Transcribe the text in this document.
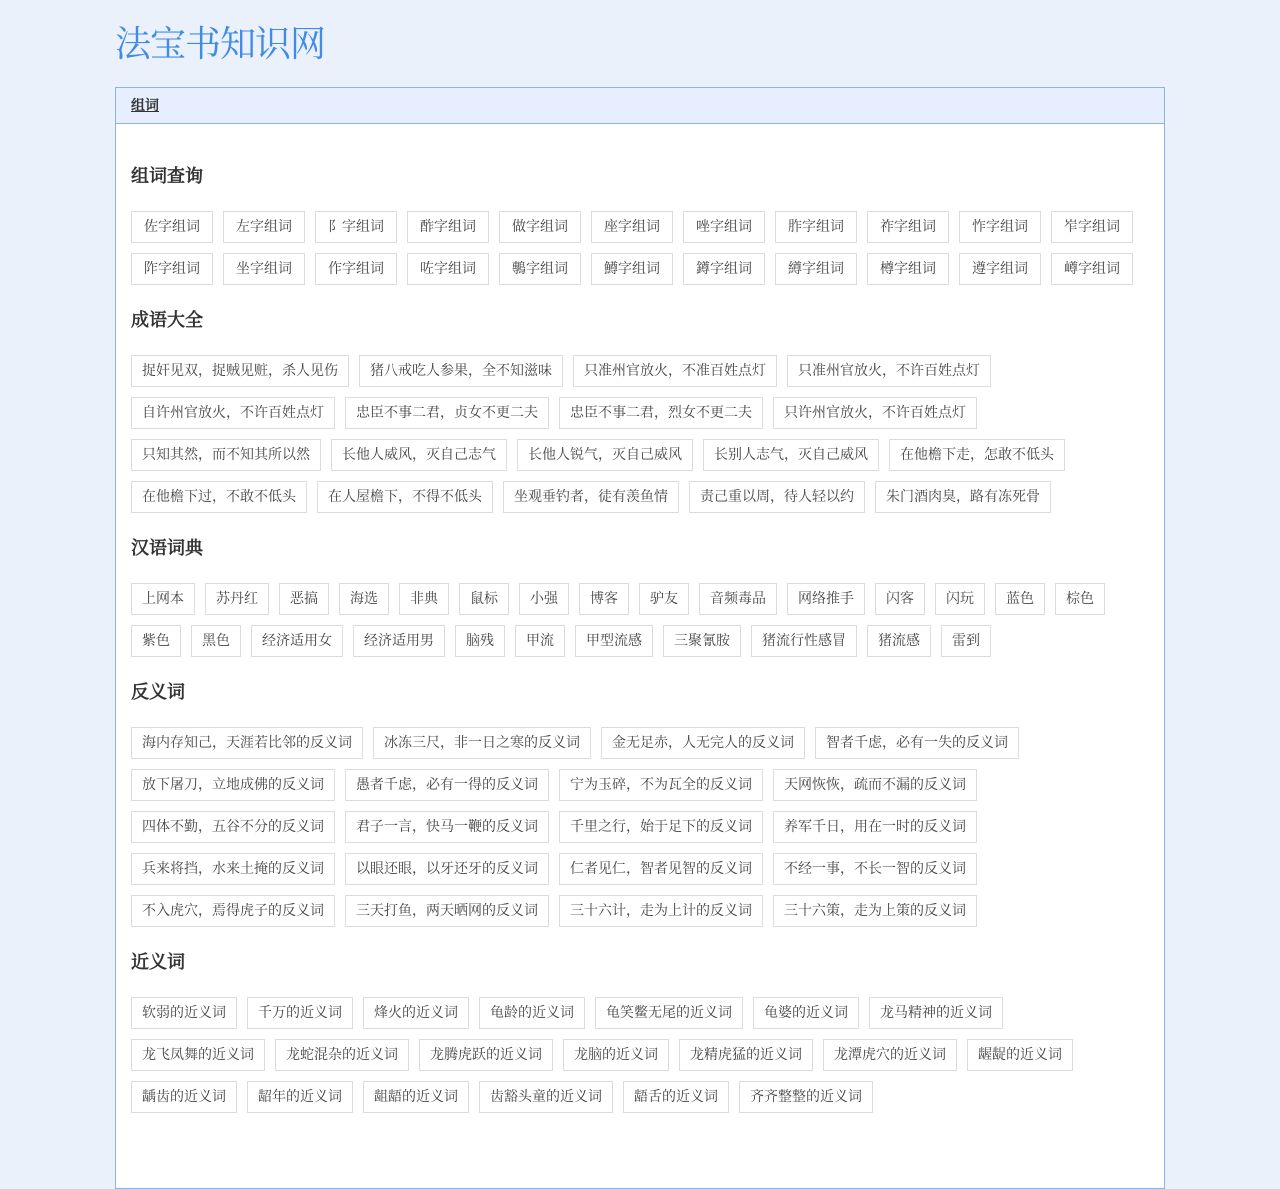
法宝书知识网
组词
组词查询
佐字组词	左字组词	阝字组词	酢字组词	做字组词	座字组词	唑字组词	胙字组词	祚字组词	怍字组词	岝字组词
阼字组词	坐字组词	作字组词	咗字组词	鷒字组词	鱒字组词	鐏字组词	繜字组词	樽字组词	遵字组词	嶟字组词
成语大全
捉奸见双，捉贼见赃，杀人见伤	猪八戒吃人参果，全不知滋味	只准州官放火，不准百姓点灯	只准州官放火，不许百姓点灯
自许州官放火，不许百姓点灯	忠臣不事二君，贞女不更二夫	忠臣不事二君，烈女不更二夫	只许州官放火，不许百姓点灯
只知其然，而不知其所以然	长他人威风，灭自己志气	长他人锐气，灭自己威风	长别人志气，灭自己威风	在他檐下走，怎敢不低头
在他檐下过，不敢不低头	在人屋檐下，不得不低头	坐观垂钓者，徒有羡鱼情	责己重以周，待人轻以约	朱门酒肉臭，路有冻死骨
汉语词典
上网本	苏丹红	恶搞	海选	非典	鼠标	小强	博客	驴友	音频毒品	网络推手	闪客	闪玩	蓝色	棕色
紫色	黑色	经济适用女	经济适用男	脑残	甲流	甲型流感	三聚氰胺	猪流行性感冒	猪流感	雷到
反义词
海内存知己，天涯若比邻的反义词	冰冻三尺，非一日之寒的反义词	金无足赤，人无完人的反义词	智者千虑，必有一失的反义词
放下屠刀，立地成佛的反义词	愚者千虑，必有一得的反义词	宁为玉碎，不为瓦全的反义词	天网恢恢，疏而不漏的反义词
四体不勤，五谷不分的反义词	君子一言，快马一鞭的反义词	千里之行，始于足下的反义词	养军千日，用在一时的反义词
兵来将挡，水来土掩的反义词	以眼还眼，以牙还牙的反义词	仁者见仁，智者见智的反义词	不经一事，不长一智的反义词
不入虎穴，焉得虎子的反义词	三天打鱼，两天晒网的反义词	三十六计，走为上计的反义词	三十六策，走为上策的反义词
近义词
软弱的近义词	千万的近义词	烽火的近义词	龟龄的近义词	龟笑鳖无尾的近义词	龟婆的近义词	龙马精神的近义词
龙飞凤舞的近义词	龙蛇混杂的近义词	龙腾虎跃的近义词	龙脑的近义词	龙精虎猛的近义词	龙潭虎穴的近义词	龌龊的近义词
龋齿的近义词	龆年的近义词	龃龉的近义词	齿豁头童的近义词	龉舌的近义词	齐齐整整的近义词
